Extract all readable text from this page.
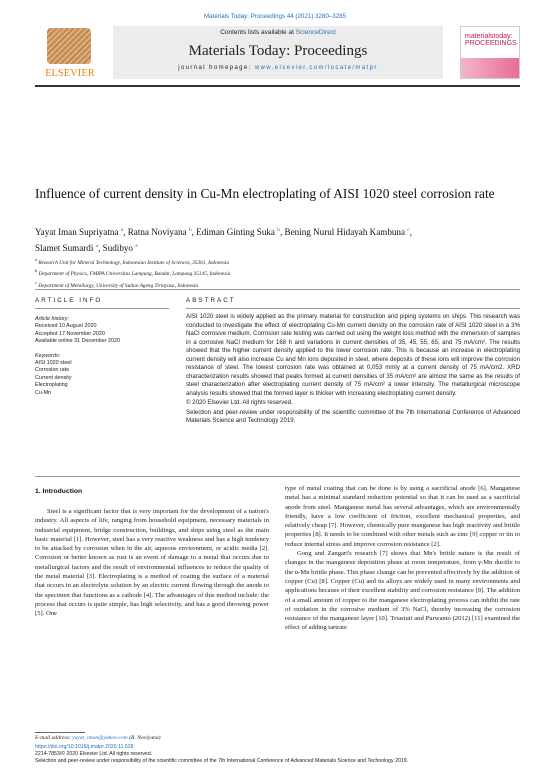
Materials Today: Proceedings 44 (2021) 3280–3285
ELSEVIER
Contents lists available at ScienceDirect
Materials Today: Proceedings
journal homepage: www.elsevier.com/locate/matpr
materialstoday: PROCEEDINGS
Influence of current density in Cu-Mn electroplating of AISI 1020 steel corrosion rate
Yayat Iman Supriyatna $^a$, Ratna Noviyana $^b$, Ediman Ginting Suka $^b$, Bening Nurul Hidayah Kambuna $^c$,
Slamet Sumardi $^a$, Sudibyo $^a$
$^a$ Research Unit for Mineral Technology, Indonesian Institute of Sciences, 35361, Indonesia
$^b$ Department of Physics, FMIPA Universitas Lampung, Bandar, Lampung 35145, Indonesia
$^c$ Department of Metallurgy, University of Sultan Ageng Tirtayasa, Indonesia
ARTICLE INFO	ABSTRACT
Article history:
Received 10 August 2020
Accepted 17 November 2020
Available online 31 December 2020
Keywords:
AISI 1020 steel
Corrosion rate
Current density
Electroplating
Cu-Mn

AISI 1020 steel is widely applied as the primary material for construction and piping systems on ships. This research was conducted to investigate the effect of electroplating Cu-Mn current density on the corrosion rate of AISI 1020 steel in a 3% NaCl corrosive medium. Corrosion rate testing was carried out using the weight loss method with the immersion of samples in a corrosive NaCl medium for 168 h and variations in current densities of 35, 45, 55, 65, and 75 mA/cm². The results showed that the higher current density applied to the lower corrosion rate. This is because an increase in electroplating current density will also increase Cu and Mn ions deposited in steel, where deposits of these ions will improve the corrosion resistance of steel. The lowest corrosion rate was obtained at 0,053 mmly at a current density of 75 mA/cm2. XRD characterization results showed that peaks formed at current densities of 35 mA/cm² are almost the same as the results of steel characterization after electroplating current density of 75 mA/cm² a lower intensity. The metallurgical microscope analysis results showed that the formed layer is thicker with increasing electroplating current density.

© 2020 Elsevier Ltd. All rights reserved.

Selection and peer-review under responsibility of the scientific committee of the 7th International Conference of Advanced Materials Science and Technology 2019.

1. Introduction
Steel is a significant factor that is very important for the development of a nation's industry. All aspects of life, ranging from household equipment, necessary materials in industrial equipment, bridge construction, buildings, and ships using steel as the main basic material [1]. However, steel has a very reactive weakness and has a high tendency to be attacked by corrosion when in the air, aqueous environment, or acidic media [2]. Corrosion or better known as rust is an event of damage to a metal that occurs due to metallurgical factors and the result of environmental influences to reduce the quality of the metal material [3]. Electroplating is a method of coating the surface of a material that occurs in an electrolyte solution by an electric current flowing through the anode to the specimen that functions as a cathode [4]. The advantages of this method include: the process that occurs is quite simple, has high selectivity, and has a good throwing power [5]. One

type of metal coating that can be done is by using a sacrificial anode [6]. Manganese metal has a minimal standard reduction potential so that it can be used as a sacrificial anode from steel. Manganese metal has several advantages, which are environmentally friendly, have a low coefficient of friction, excellent mechanical properties, and relatively cheap [7]. However, chemically pure manganese has high reactivity and brittle properties [8]. It needs to be combined with other metals such as zinc [9] copper or tin to reduce internal stress and improve corrosion resistance [2].

Gong and Zangari's research [7] shows that Mn's brittle nature is the result of changes in the manganese deposition phase at room temperature, from γ-Mn ductile to the α-Mn brittle phase. This phase change can be prevented effectively by the addition of copper (Cu) [8]. Copper (Cu) and its alloys are widely used in many environments and applications because of their excellent stability and corrosion resistance [9]. The addition of a small amount of copper to the manganese electroplating process can inhibit the rate of oxidation in the corrosive medium of 3% NaCl, thereby increasing the corrosion resistance of the manganese layer [10]. Triastuti and Purwanto (2012) [11] examined the effect of adding tartrate

E-mail address: yayat_iman@yahoo.com (R. Noviyana)
https://doi.org/10.1016/j.matpr.2020.11.528
2214-7853/© 2020 Elsevier Ltd. All rights reserved.
Selection and peer-review under responsibility of the scientific committee of the 7th International Conference of Advanced Materials Science and Technology 2019.
